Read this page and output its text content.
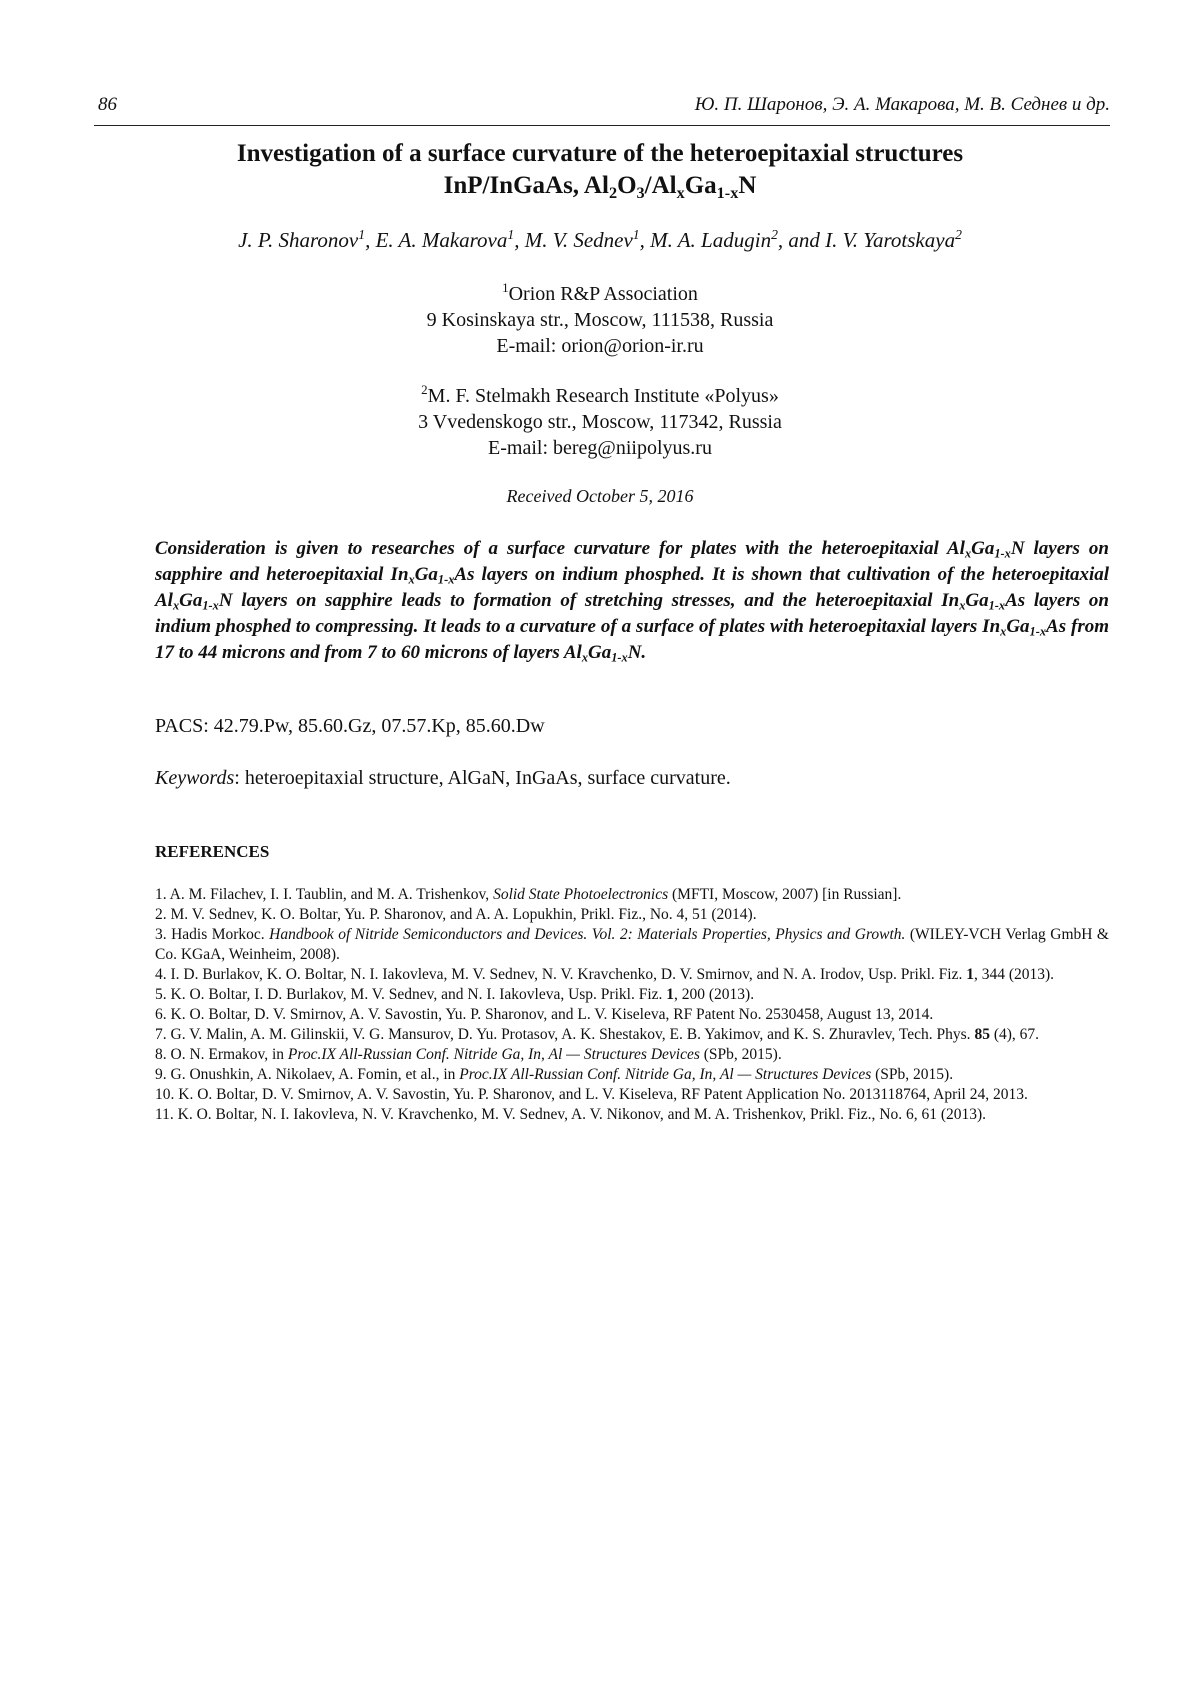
86	Ю. П. Шаронов, Э. А. Макарова, М. В. Седнев и др.
Investigation of a surface curvature of the heteroepitaxial structures
InP/InGaAs, $Al_2O_3/Al_xGa_{1-x}N$
J. P. Sharonov$^1$, E. A. Makarova$^1$, M. V. Sednev$^1$, M. A. Ladugin$^2$, and I. V. Yarotskaya$^2$
$^1$Orion R&P Association
9 Kosinskaya str., Moscow, 111538, Russia
E-mail: orion@orion-ir.ru
$^2$M. F. Stelmakh Research Institute «Polyus»
3 Vvedenskogo str., Moscow, 117342, Russia
E-mail: bereg@niipolyus.ru
Received October 5, 2016
Consideration is given to researches of a surface curvature for plates with the heteroepitaxial $Al_xGa_{1-x}N$ layers on sapphire and heteroepitaxial $In_xGa_{1-x}As$ layers on indium phosphed. It is shown that cultivation of the heteroepitaxial $Al_xGa_{1-x}N$ layers on sapphire leads to formation of stretching stresses, and the heteroepitaxial $In_xGa_{1-x}As$ layers on indium phosphed to compressing. It leads to a curvature of a surface of plates with heteroepitaxial layers $In_xGa_{1-x}As$ from 17 to 44 microns and from 7 to 60 microns of layers $Al_xGa_{1-x}N$.
PACS: 42.79.Pw, 85.60.Gz, 07.57.Kp, 85.60.Dw
Keywords: heteroepitaxial structure, AlGaN, InGaAs, surface curvature.
REFERENCES

1. A. M. Filachev, I. I. Taublin, and M. A. Trishenkov, Solid State Photoelectronics (MFTI, Moscow, 2007) [in Russian].

2. M. V. Sednev, K. O. Boltar, Yu. P. Sharonov, and A. A. Lopukhin, Prikl. Fiz., No. 4, 51 (2014).

3. Hadis Morkoc. Handbook of Nitride Semiconductors and Devices. Vol. 2: Materials Properties, Physics and Growth. (WILEY-VCH Verlag GmbH & Co. KGaA, Weinheim, 2008).

4. I. D. Burlakov, K. O. Boltar, N. I. Iakovleva, M. V. Sednev, N. V. Kravchenko, D. V. Smirnov, and N. A. Irodov, Usp. Prikl. Fiz. 1, 344 (2013).

5. K. O. Boltar, I. D. Burlakov, M. V. Sednev, and N. I. Iakovleva, Usp. Prikl. Fiz. 1, 200 (2013).

6. K. O. Boltar, D. V. Smirnov, A. V. Savostin, Yu. P. Sharonov, and L. V. Kiseleva, RF Patent No. 2530458, August 13, 2014.

7. G. V. Malin, A. M. Gilinskii, V. G. Mansurov, D. Yu. Protasov, A. K. Shestakov, E. B. Yakimov, and K. S. Zhuravlev, Tech. Phys. 85 (4), 67.

8. O. N. Ermakov, in Proc.IX All-Russian Conf. Nitride Ga, In, Al — Structures Devices (SPb, 2015).

9. G. Onushkin, A. Nikolaev, A. Fomin, et al., in Proc.IX All-Russian Conf. Nitride Ga, In, Al — Structures Devices (SPb, 2015).

10. K. O. Boltar, D. V. Smirnov, A. V. Savostin, Yu. P. Sharonov, and L. V. Kiseleva, RF Patent Application No. 2013118764, April 24, 2013.

11. K. O. Boltar, N. I. Iakovleva, N. V. Kravchenko, M. V. Sednev, A. V. Nikonov, and M. A. Trishenkov, Prikl. Fiz., No. 6, 61 (2013).
